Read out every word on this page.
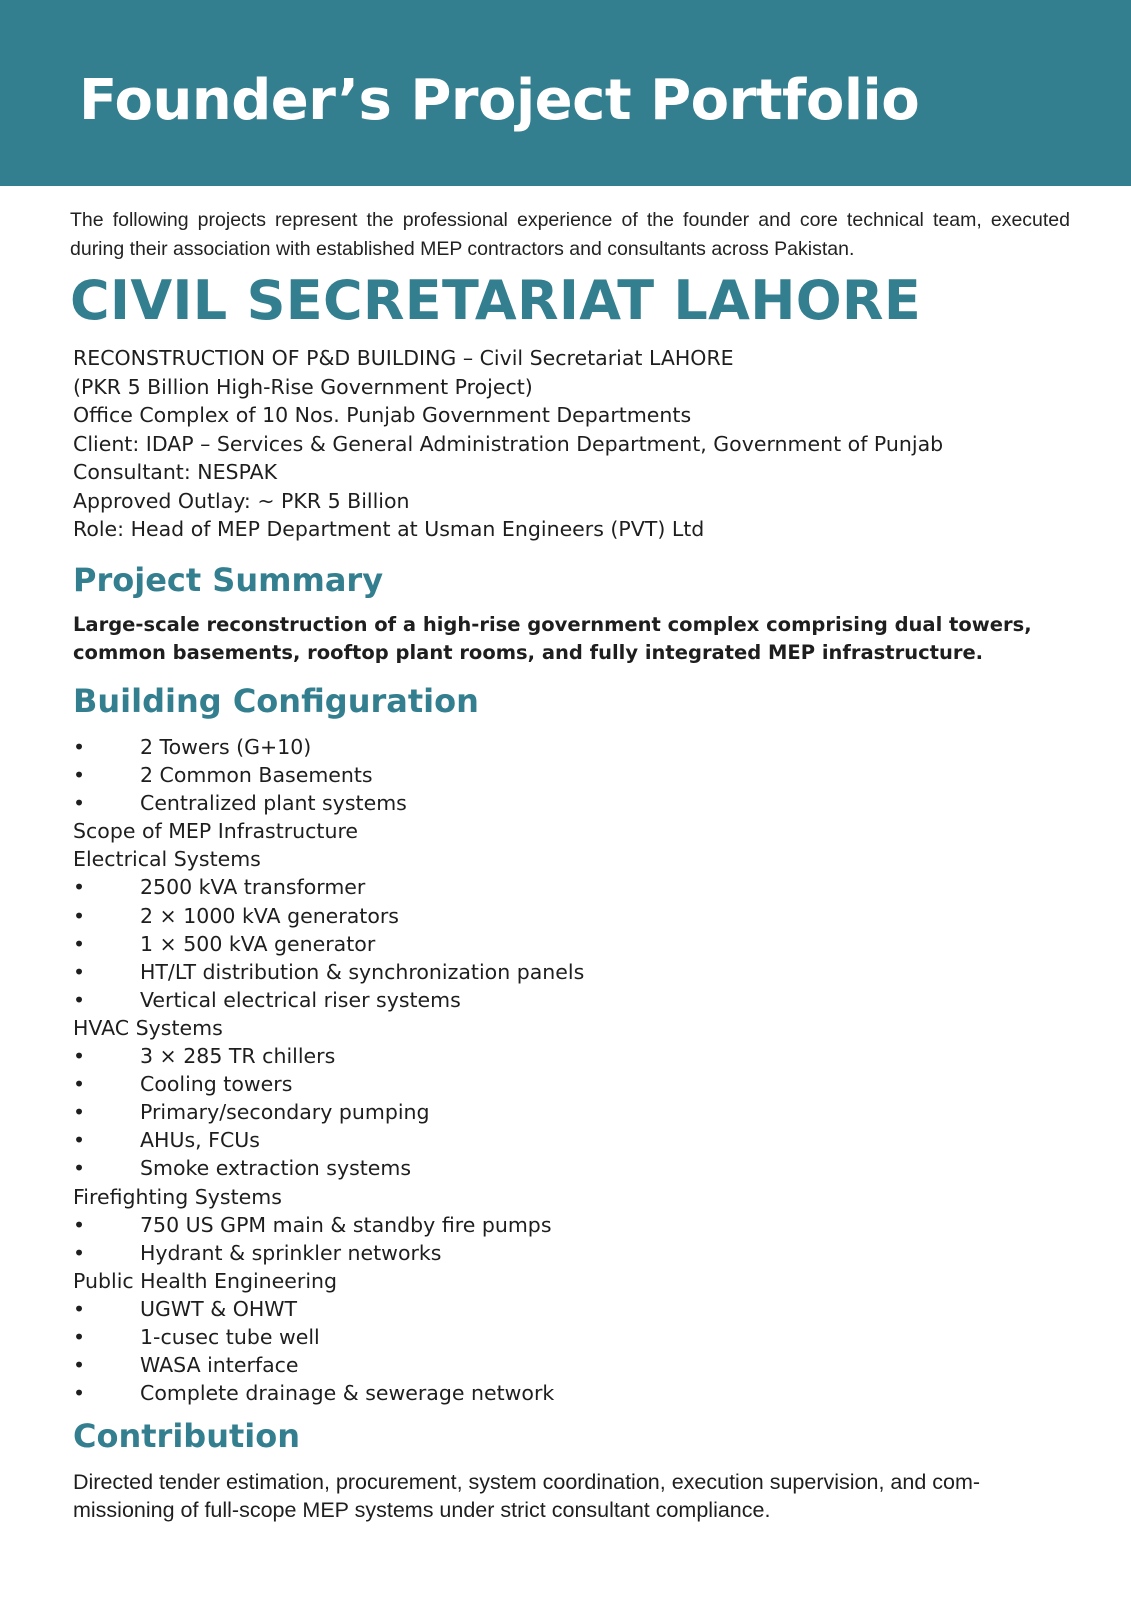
Founder’s Project Portfolio

The following projects represent the professional experience of the founder and core technical team, executed during their association with established MEP contractors and consultants across Pakistan.

CIVIL SECRETARIAT LAHORE
RECONSTRUCTION OF P&D BUILDING – Civil Secretariat LAHORE
(PKR 5 Billion High-Rise Government Project)
Office Complex of 10 Nos. Punjab Government Departments
Client: IDAP – Services & General Administration Department, Government of Punjab
Consultant: NESPAK
Approved Outlay: ~ PKR 5 Billion
Role: Head of MEP Department at Usman Engineers (PVT) Ltd
Project Summary

Large-scale reconstruction of a high-rise government complex comprising dual towers, common basements, rooftop plant rooms, and fully integrated MEP infrastructure.

Building Configuration
•	2 Towers (G+10)
•	2 Common Basements
•	Centralized plant systems
Scope of MEP Infrastructure
Electrical Systems
•	2500 kVA transformer
•	2 × 1000 kVA generators
•	1 × 500 kVA generator
•	HT/LT distribution & synchronization panels
•	Vertical electrical riser systems
HVAC Systems
•	3 × 285 TR chillers
•	Cooling towers
•	Primary/secondary pumping
•	AHUs, FCUs
•	Smoke extraction systems
Firefighting Systems
•	750 US GPM main & standby fire pumps
•	Hydrant & sprinkler networks
Public Health Engineering
•	UGWT & OHWT
•	1-cusec tube well
•	WASA interface
•	Complete drainage & sewerage network
Contribution

Directed tender estimation, procurement, system coordination, execution supervision, and com-missioning of full-scope MEP systems under strict consultant compliance.
